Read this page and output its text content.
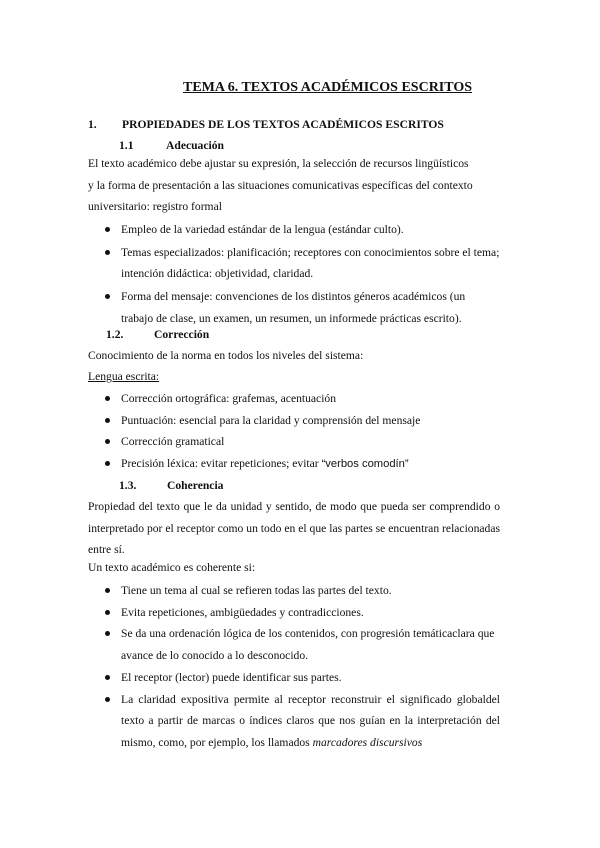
TEMA 6. TEXTOS ACADÉMICOS ESCRITOS
1. PROPIEDADES DE LOS TEXTOS ACADÉMICOS ESCRITOS
1.1	Adecuación
El texto académico debe ajustar su expresión, la selección de recursos lingüísticos
y la forma de presentación a las situaciones comunicativas específicas del contexto
universitario: registro formal
Empleo de la variedad estándar de la lengua (estándar culto).
Temas especializados: planificación; receptores con conocimientos sobre el tema; intención didáctica: objetividad, claridad.
Forma del mensaje: convenciones de los distintos géneros académicos (un trabajo de clase, un examen, un resumen, un informede prácticas escrito).
1.2.	Corrección
Conocimiento de la norma en todos los niveles del sistema:
Lengua escrita:
Corrección ortográfica: grafemas, acentuación
Puntuación: esencial para la claridad y comprensión del mensaje
Corrección gramatical
Precisión léxica: evitar repeticiones; evitar “verbos comodín”
1.3.	Coherencia
Propiedad del texto que le da unidad y sentido, de modo que pueda ser comprendido o interpretado por el receptor como un todo en el que las partes se encuentran relacionadas entre sí.
Un texto académico es coherente si:
Tiene un tema al cual se refieren todas las partes del texto.
Evita repeticiones, ambigüedades y contradicciones.
Se da una ordenación lógica de los contenidos, con progresión temáticaclara que avance de lo conocido a lo desconocido.
El receptor (lector) puede identificar sus partes.
La claridad expositiva permite al receptor reconstruir el significado globaldel texto a partir de marcas o índices claros que nos guían en la interpretación del mismo, como, por ejemplo, los llamados marcadores discursivos
